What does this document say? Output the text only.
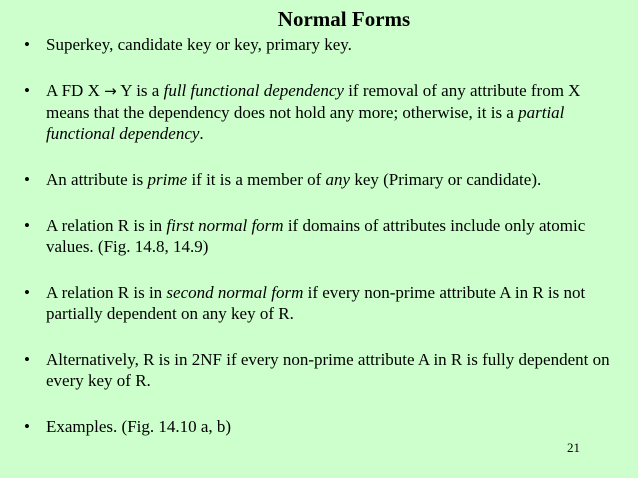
Normal Forms
• Superkey, candidate key or key, primary key.
• A FD X → Y is a full functional dependency if removal of any attribute from X means that the dependency does not hold any more; otherwise, it is a partial functional dependency.
• An attribute is prime if it is a member of any key (Primary or candidate).
• A relation R is in first normal form if domains of attributes include only atomic values. (Fig. 14.8, 14.9)
• A relation R is in second normal form if every non-prime attribute A in R is not partially dependent on any key of R.
• Alternatively, R is in 2NF if every non-prime attribute A in R is fully dependent on every key of R.
• Examples. (Fig. 14.10 a, b)
21
